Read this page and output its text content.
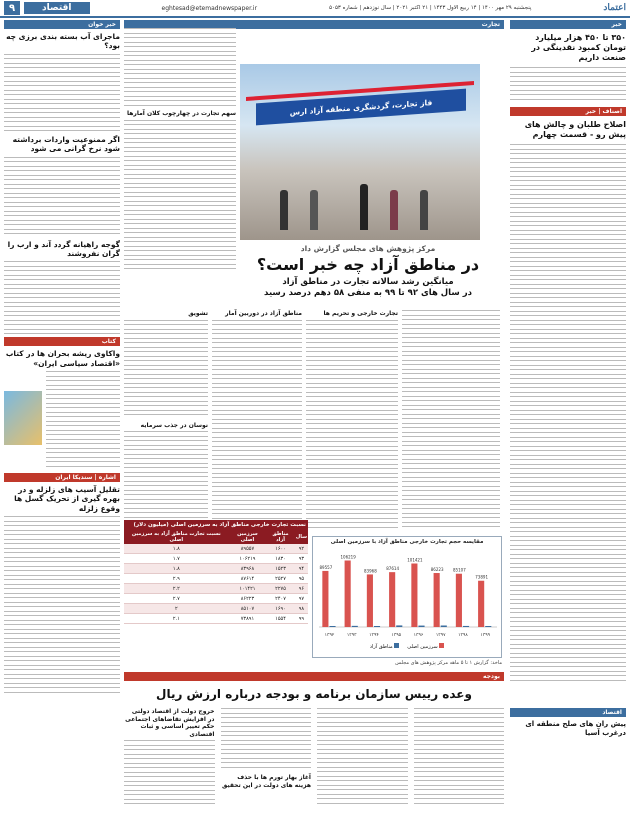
۹	اقتصاد	eghtesad@etemadnewspaper.ir	پنجشنبه ۲۹ مهر ۱۴۰۰ | ۱۴ ربیع الاول ۱۴۴۳ | ۲۱ اکتبر ۲۰۲۱ | سال نوزدهم | شماره ۵۰۵۳	اعتماد
خبر
۳۵۰ تا ۴۵۰ هزار میلیارد تومان کمبود نقدینگی در صنعت داریم
اصناف | خبر
اصلاح طلبان و چالش های پیش رو - قسمت چهارم
اقتصاد
پیش ران های صلح منطقه ای درغرب آسیا
تجارت
فاز تجارت، گردشگری منطقه آزاد ارس
سهم تجارت در چهارچوب کلان آمارها
مرکز پژوهش های مجلس گزارش داد
در مناطق آزاد چه خبر است؟
میانگین رشد سالانه تجارت در مناطق آزاد
در سال های ۹۲ تا ۹۹ به منفی ۵۸ دهم درصد رسید
تجارت خارجی و تحریم ها
مناطق آزاد در دوربین آمار
تشویق
نوسان در جذب سرمایه
نسبت تجارت خارجی مناطق آزاد به سرزمین اصلی (میلیون دلار)
سال	مناطق آزاد	سرزمین اصلی	نسبت تجارت مناطق آزاد به سرزمین اصلی
۹۲	۱۶۰۰	۸۹۵۵۷	۱.۸
۹۳	۱۸۳۰	۱۰۶۲۱۹	۱.۷
۹۴	۱۵۲۳	۸۳۹۶۸	۱.۸
۹۵	۲۵۲۷	۸۷۶۱۴	۲.۹
۹۶	۲۲۷۵	۱۰۱۴۲۱	۲.۲
۹۷	۲۴۰۷	۸۶۲۲۳	۲.۷
۹۸	۱۶۹۰	۸۵۱۰۷	۲
۹۹	۱۵۵۴	۷۳۸۹۱	۲.۱
مقایسه حجم تجارت خارجی مناطق آزاد با سرزمین اصلی
89557
۱۳۹۲
106219
۱۳۹۳
83968
۱۳۹۴
87614
۱۳۹۵
101421
۱۳۹۶
86223
۱۳۹۷
85107
۱۳۹۸
73891
۱۳۹۹
سرزمین اصلی
مناطق آزاد
ماخذ: گزارش ۱ تا ۵ ماهه مرکز پژوهش های مجلس
خبر خوان
ماجرای آب بسته بندی برزی چه بود؟
اگر ممنوعیت واردات برداشته شود نرخ گرانی می شود
گوجه راهیانه گردد آند و ارب را گران نفروشند
کتاب
واکاوی ریشه بحران ها در کتاب «اقتصاد سیاسی ایران»
اشاره | سندیکا ایران
تقلیل آسیب های زلزله و در بهره گیری از تحریک گسل ها وقوع زلزله
بودجه
وعده رییس سازمان برنامه و بودجه درباره ارزش ریال
آغاز بهار تورم ها با حذف هزینه های دولت در این تحقیق
خروج دولت از اقتصاد دولتی در افزایش تقاضاهای اجتماعی حکم تغییر اساسی و ثبات اقتصادی
